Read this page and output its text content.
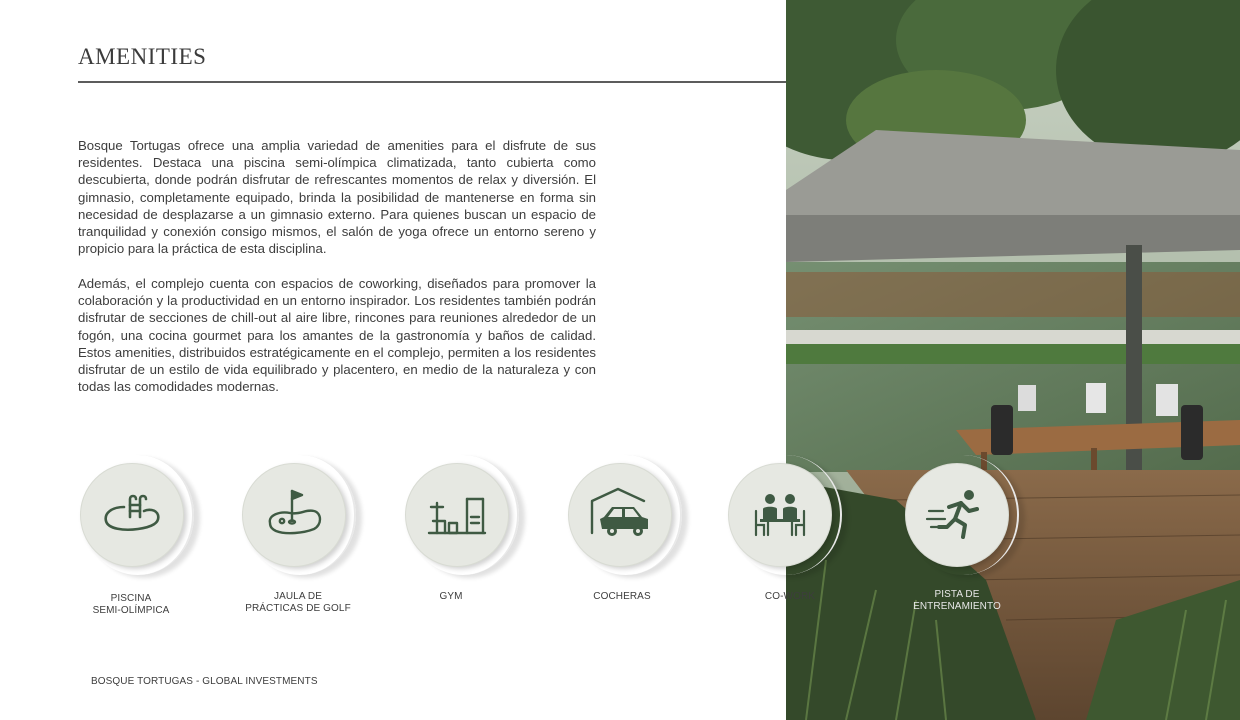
AMENITIES

Bosque Tortugas ofrece una amplia variedad de amenities para el disfrute de sus residentes. Destaca una piscina semi-olímpica climatizada, tanto cubierta como descubierta, donde podrán disfrutar de refrescantes momentos de relax y diversión. El gimnasio, completamente equipado, brinda la posibilidad de mantenerse en forma sin necesidad de desplazarse a un gimnasio externo. Para quienes buscan un espacio de tranquilidad y conexión consigo mismos, el salón de yoga ofrece un entorno sereno y propicio para la práctica de esta disciplina.

Además, el complejo cuenta con espacios de coworking, diseñados para promover la colaboración y la productividad en un entorno inspirador. Los residentes también podrán disfrutar de secciones de chill-out al aire libre, rincones para reuniones alrededor de un fogón, una cocina gourmet para los amantes de la gastronomía y baños de calidad. Estos amenities, distribuidos estratégicamente en el complejo, permiten a los residentes disfrutar de un estilo de vida equilibrado y placentero, en medio de la naturaleza y con todas las comodidades modernas.

PISCINA
SEMI-OLÍMPICA
JAULA DE
PRÁCTICAS DE GOLF
GYM	COCHERAS	CO-WORK	PISTA DE
ENTRENAMIENTO
BOSQUE TORTUGAS - GLOBAL INVESTMENTS
